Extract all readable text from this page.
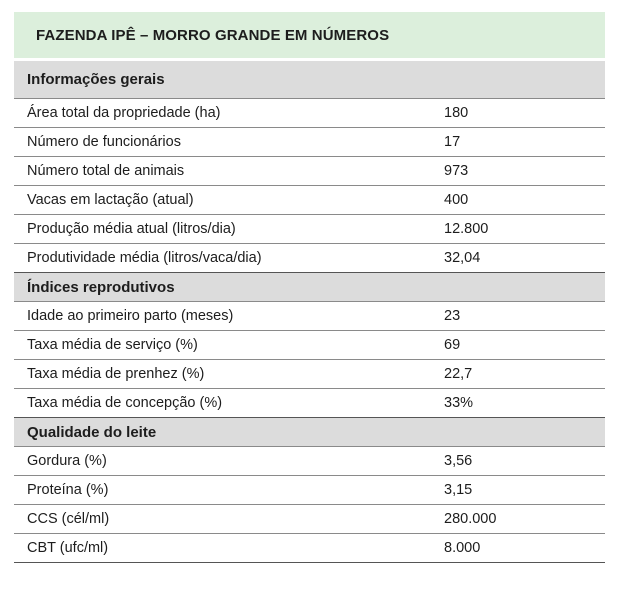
FAZENDA IPÊ – MORRO GRANDE EM NÚMEROS
Informações gerais
Área total da propriedade (ha)	180
Número de funcionários	17
Número total de animais	973
Vacas em lactação (atual)	400
Produção média atual (litros/dia)	12.800
Produtividade média (litros/vaca/dia)	32,04
Índices reprodutivos
Idade ao primeiro parto (meses)	23
Taxa média de serviço (%)	69
Taxa média de prenhez (%)	22,7
Taxa média de concepção (%)	33%
Qualidade do leite
Gordura (%)	3,56
Proteína (%)	3,15
CCS (cél/ml)	280.000
CBT (ufc/ml)	8.000
